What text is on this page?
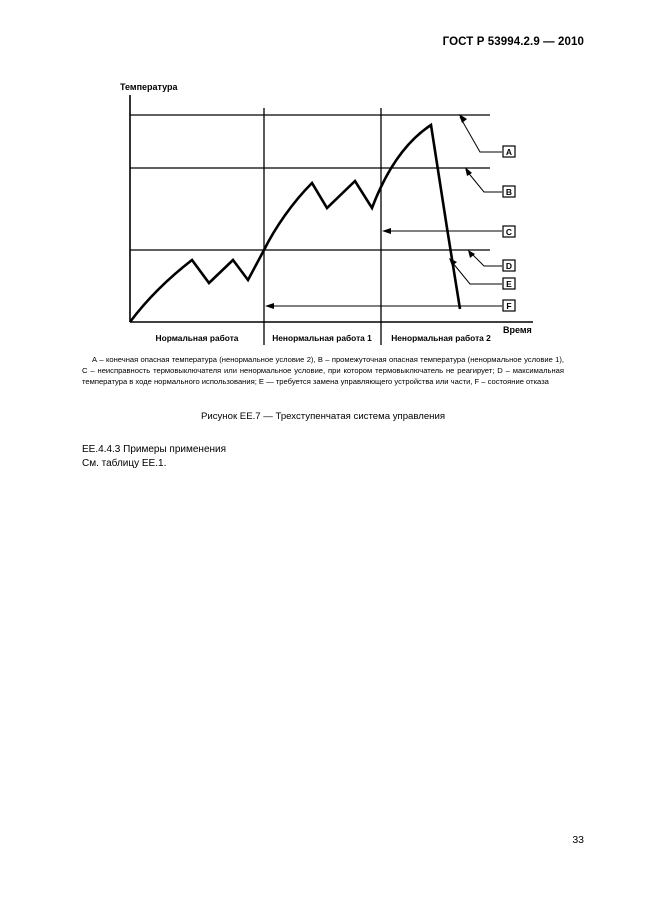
ГОСТ Р 53994.2.9 — 2010
Температура
Время
Нормальная работа	Ненормальная работа 1 Ненормальная работа 2
A
B
C
D
E
F
А – конечная опасная температура (ненормальное условие 2), В – промежуточная опасная температура (ненормальное условие 1), С – неисправность термовыключателя или ненормальное условие, при котором термовыключатель не реагирует; D – максимальная температура в ходе нормального использования; Е — требуется замена управляющего устройства или части, F – состояние отказа
Рисунок EE.7 — Трехступенчатая система управления
EE.4.4.3 Примеры применения
См. таблицу EE.1.
33
